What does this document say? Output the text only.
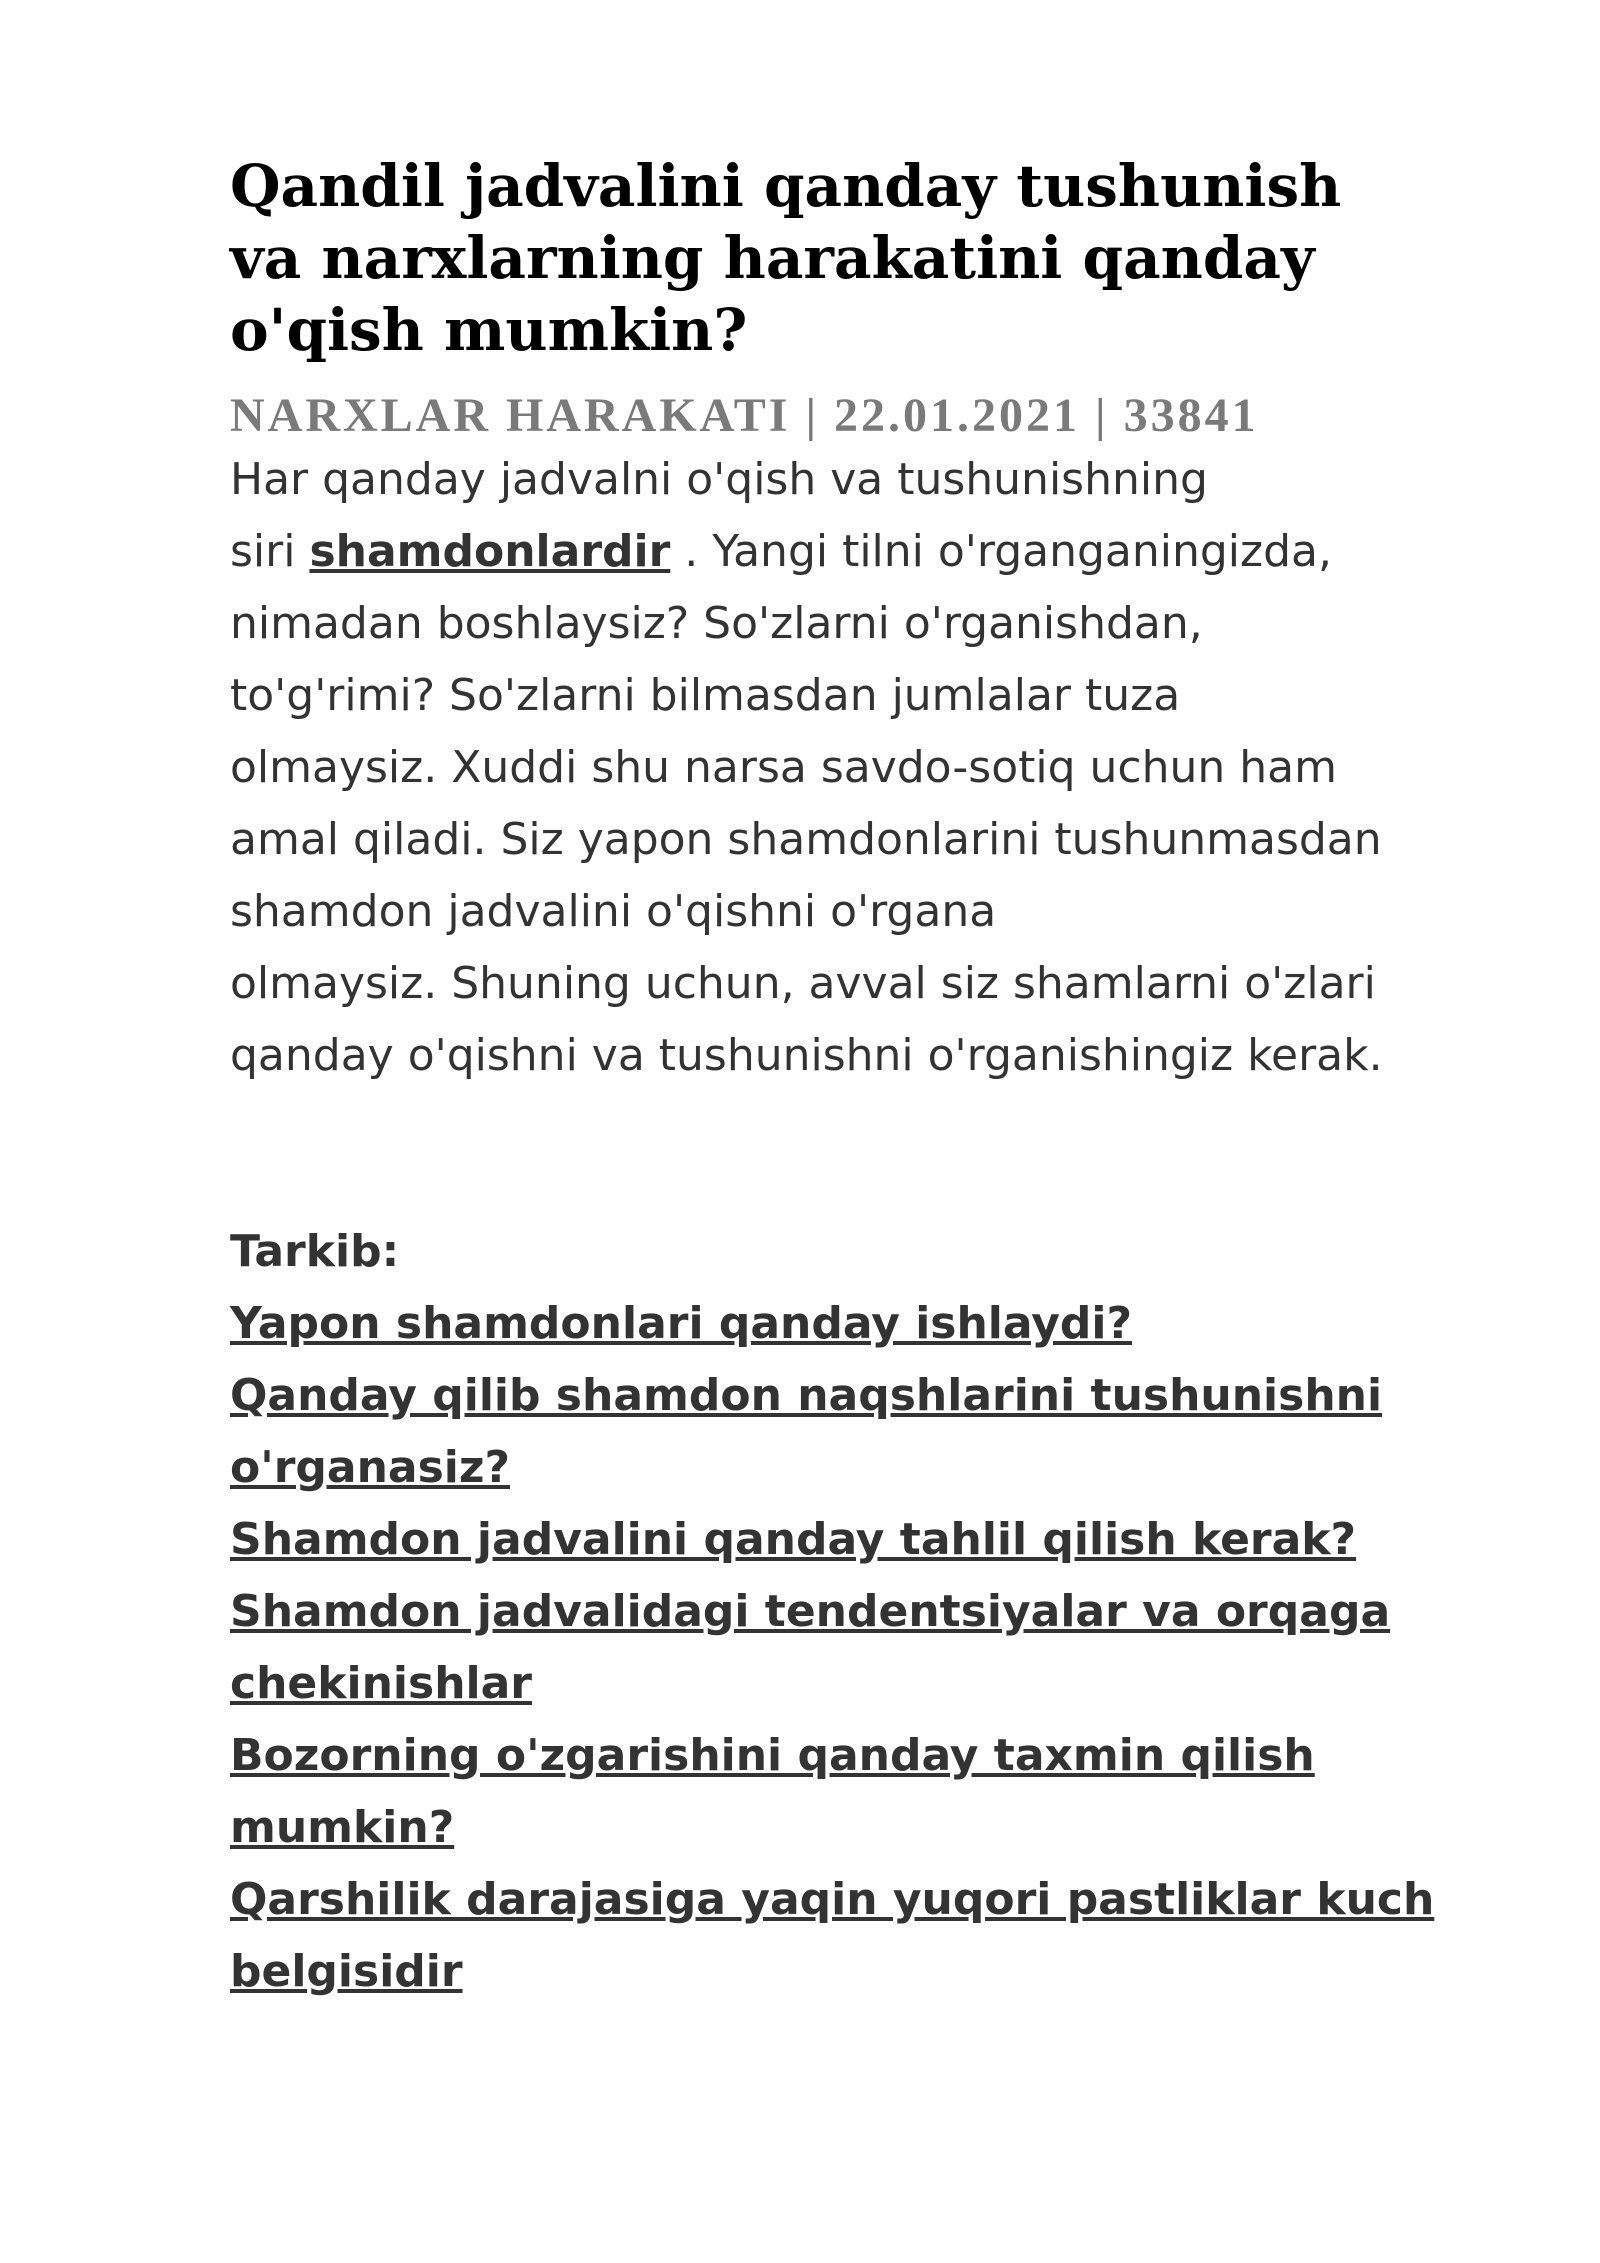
Qandil jadvalini qanday tushunish va narxlarning harakatini qanday o'qish mumkin?
NARXLAR HARAKATI | 22.01.2021 | 33841

Har qanday jadvalni o'qish va tushunishning
siri shamdonlardir . Yangi tilni o'rganganingizda,
nimadan boshlaysiz? So'zlarni o'rganishdan,
to'g'rimi? So'zlarni bilmasdan jumlalar tuza
olmaysiz. Xuddi shu narsa savdo-sotiq uchun ham
amal qiladi. Siz yapon shamdonlarini tushunmasdan
shamdon jadvalini o'qishni o'rgana
olmaysiz. Shuning uchun, avval siz shamlarni o'zlari
qanday o'qishni va tushunishni o'rganishingiz kerak.

Tarkib:
Yapon shamdonlari qanday ishlaydi?
Qanday qilib shamdon naqshlarini tushunishni
o'rganasiz?
Shamdon jadvalini qanday tahlil qilish kerak?
Shamdon jadvalidagi tendentsiyalar va orqaga
chekinishlar
Bozorning o'zgarishini qanday taxmin qilish
mumkin?
Qarshilik darajasiga yaqin yuqori pastliklar kuch
belgisidir
